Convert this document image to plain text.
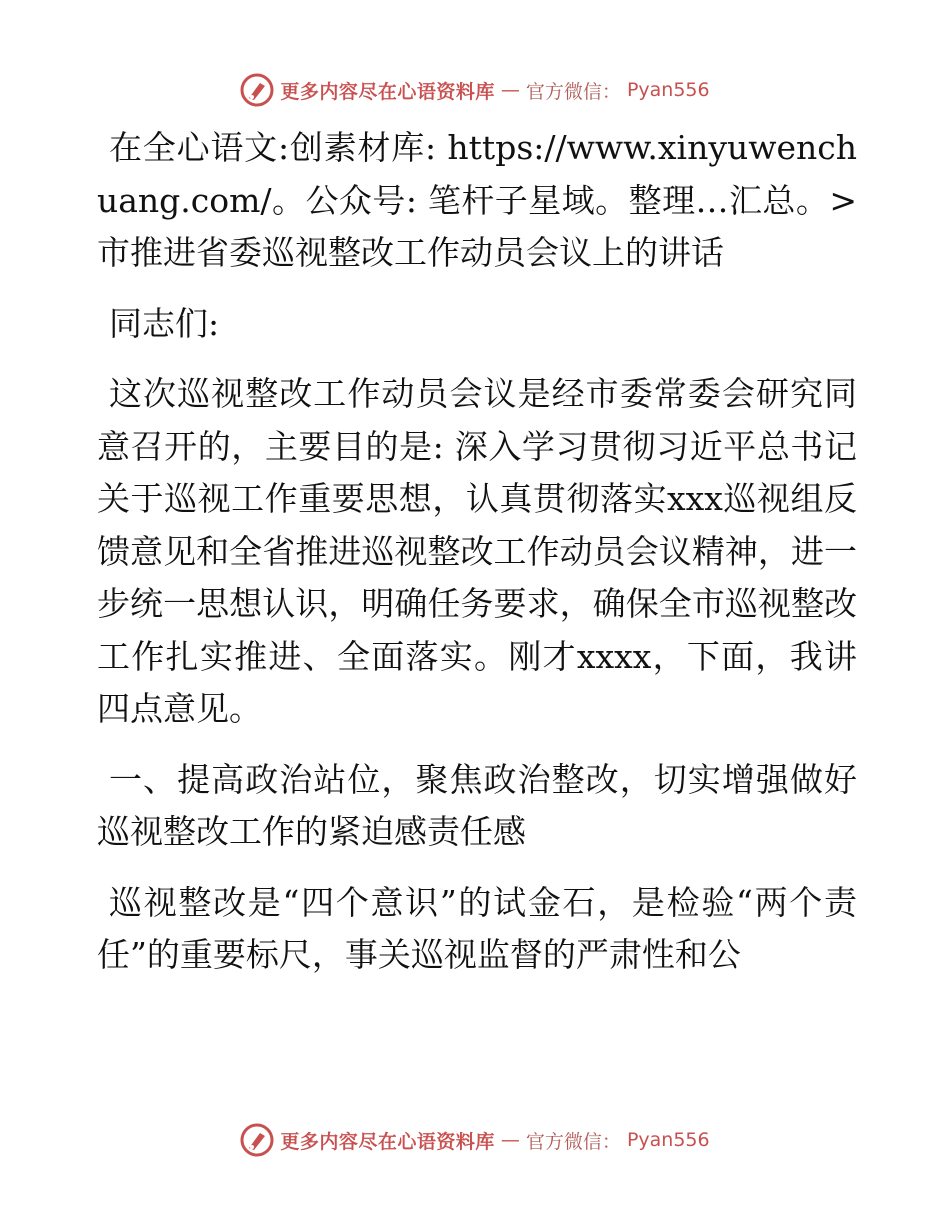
更多内容尽在心语资料库 — 官方微信： Pyan556

在全心语文:创素材库: https://www.xinyuwenchuang.com/。公众号: 笔杆子星域。整理…汇总。>市推进省委巡视整改工作动员会议上的讲话

同志们:

这次巡视整改工作动员会议是经市委常委会研究同意召开的，主要目的是: 深入学习贯彻习近平总书记关于巡视工作重要思想，认真贯彻落实xxx巡视组反馈意见和全省推进巡视整改工作动员会议精神，进一步统一思想认识，明确任务要求，确保全市巡视整改工作扎实推进、全面落实。刚才xxxx，下面，我讲四点意见。

一、提高政治站位，聚焦政治整改，切实增强做好巡视整改工作的紧迫感责任感

巡视整改是“四个意识”的试金石，是检验“两个责任”的重要标尺，事关巡视监督的严肃性和公

更多内容尽在心语资料库 — 官方微信： Pyan556
